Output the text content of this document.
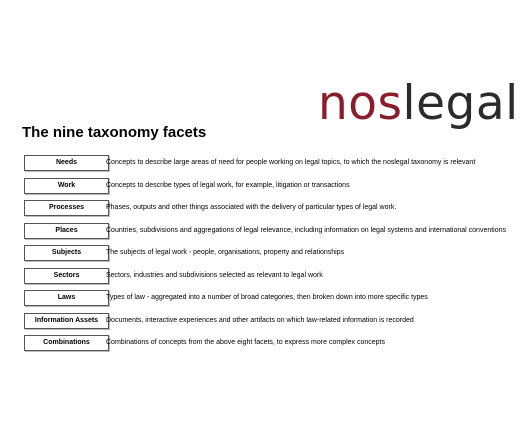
noslegal
The nine taxonomy facets
Needs	Concepts to describe large areas of need for people working on legal topics, to which the noslegal taxonomy is relevant
Work	Concepts to describe types of legal work, for example, litigation or transactions
Processes	Phases, outputs and other things associated with the delivery of particular types of legal work.
Places	Countries, subdivisions and aggregations of legal relevance, including information on legal systems and international conventions
Subjects	The subjects of legal work - people, organisations, property and relationships
Sectors	Sectors, industries and subdivisions selected as relevant to legal work
Laws	Types of law - aggregated into a number of broad categories, then broken down into more specific types
Information Assets	Documents, interactive experiences and other artifacts on which law-related information is recorded
Combinations	Combinations of concepts from the above eight facets, to express more complex concepts
